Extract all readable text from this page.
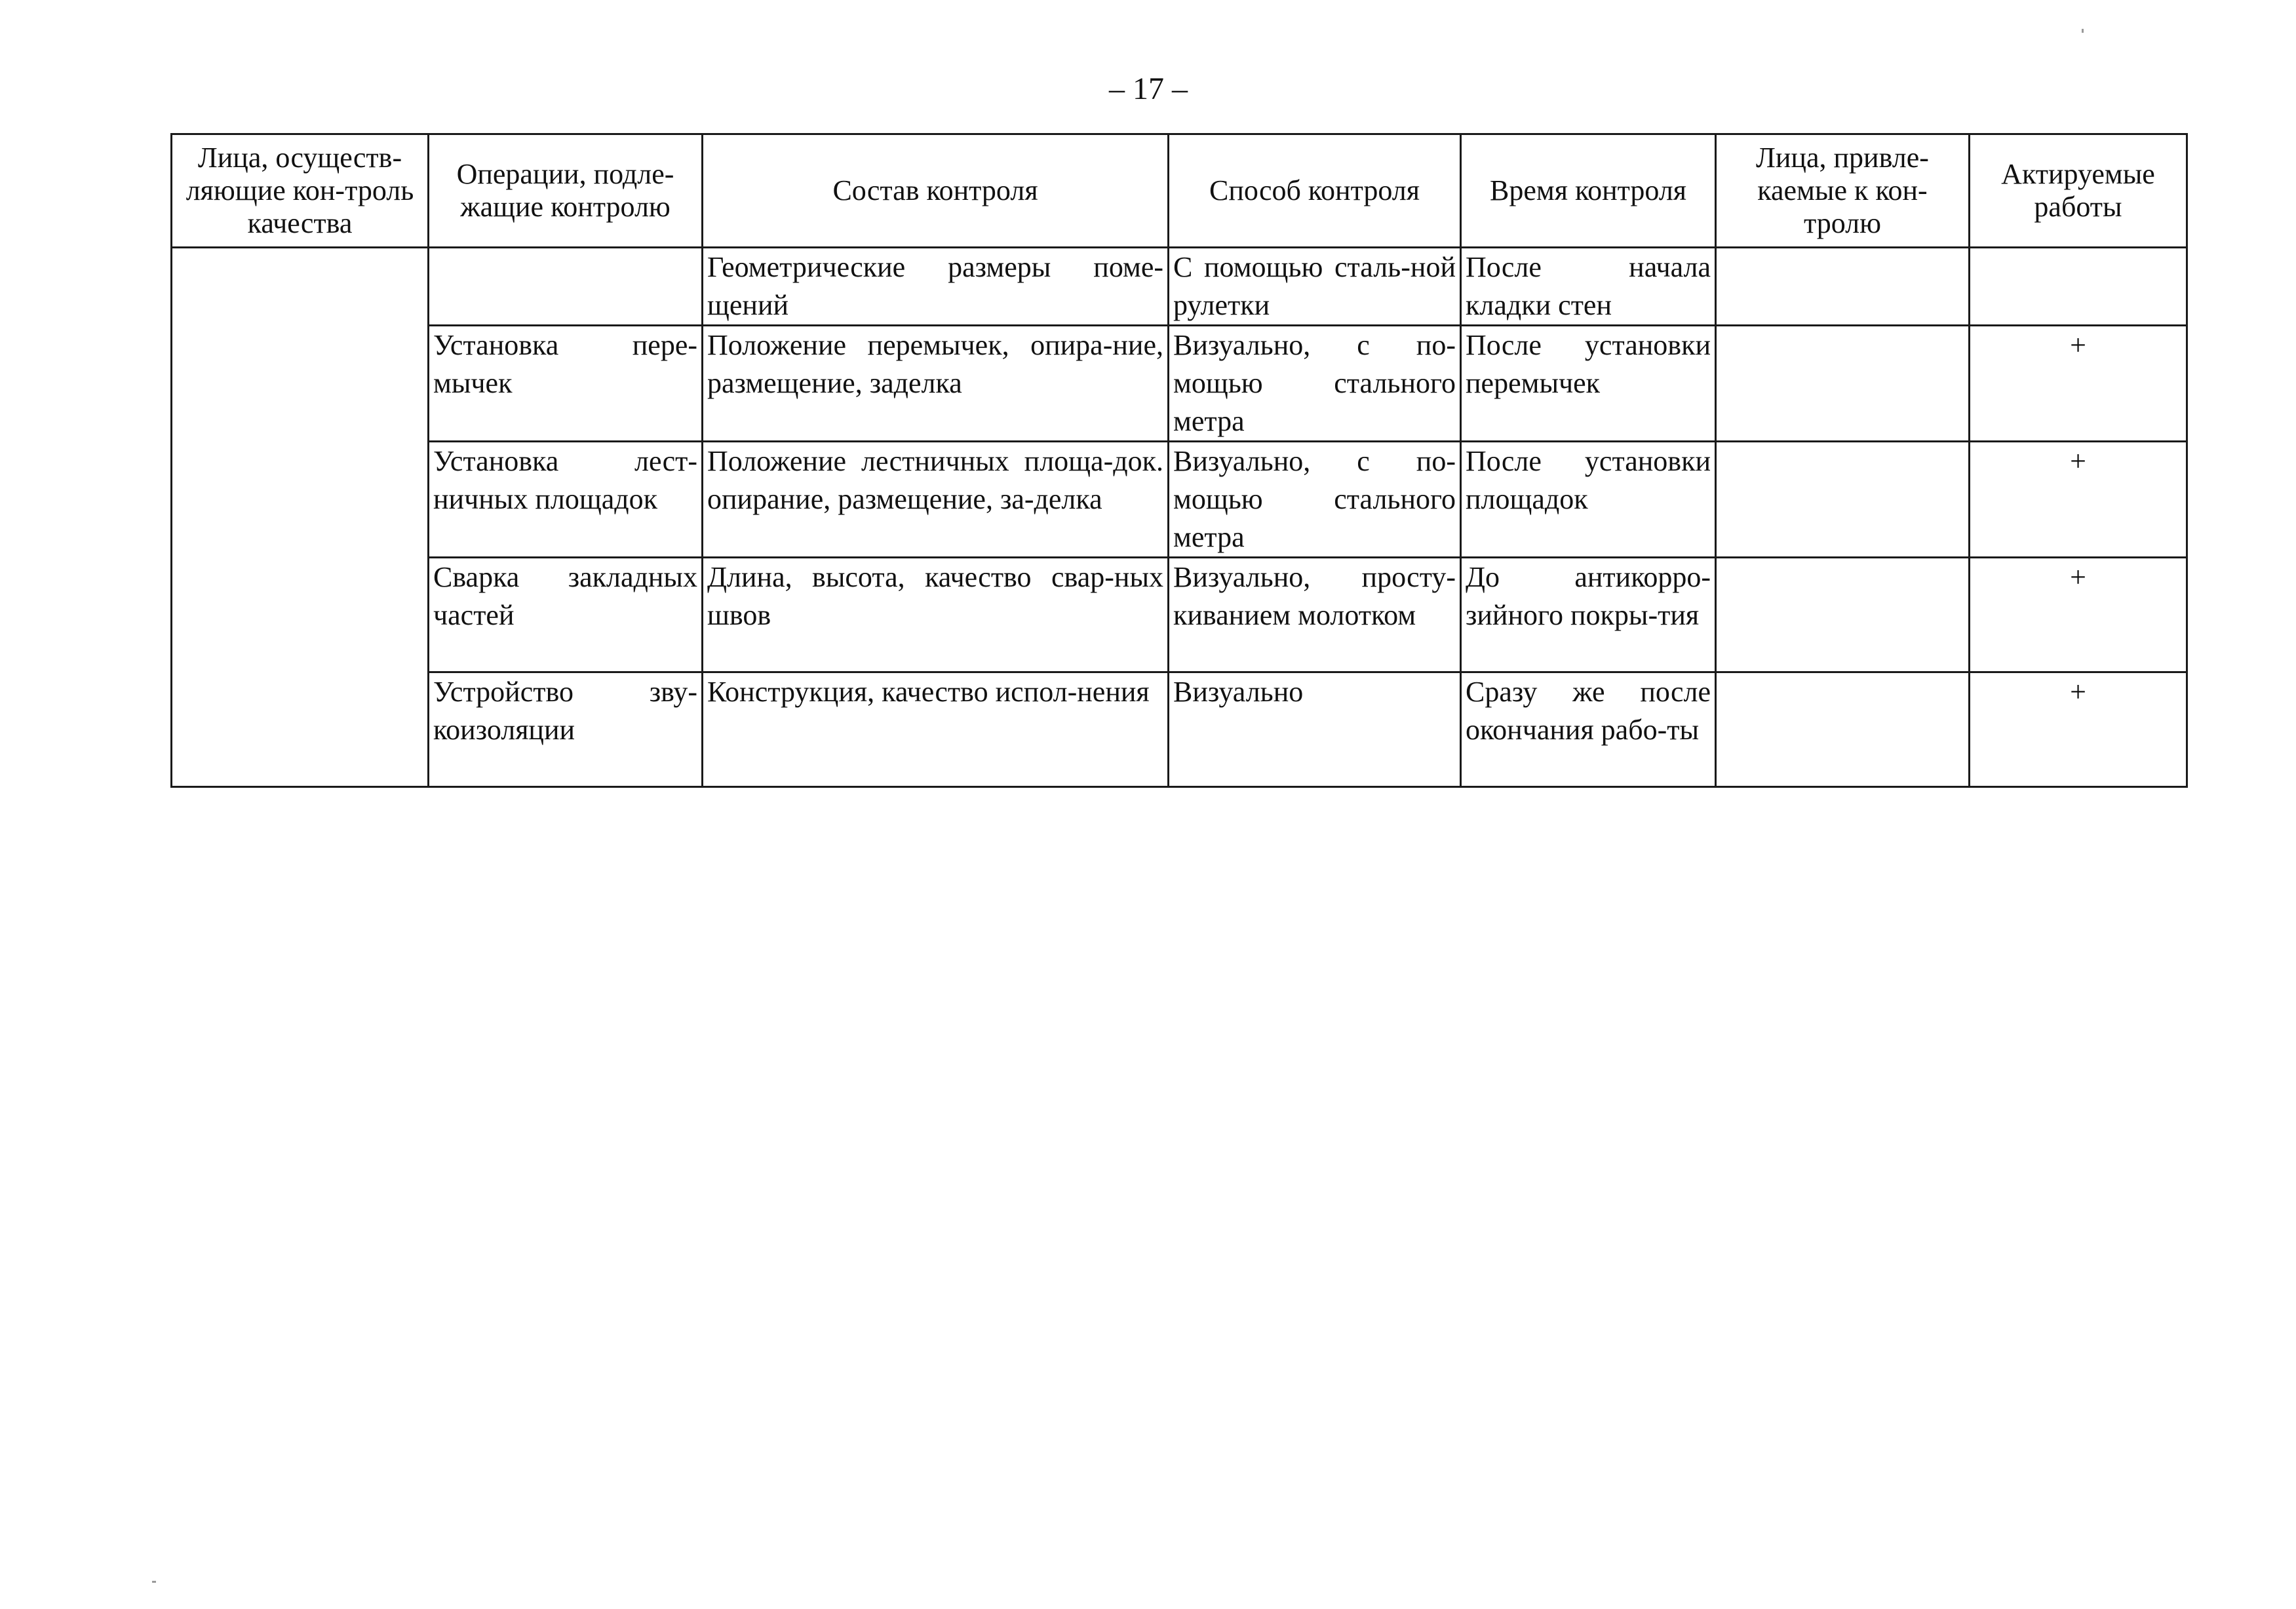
– 17 –
Лица, осуществ-ляющие кон-троль качества	Операции, подле-жащие контролю	Состав контроля	Способ контроля	Время контроля	Лица, привле-каемые к кон-тролю	Актируемые работы
		Геометрические размеры поме-щений	С помощью сталь-ной рулетки	После начала кладки стен		
	Установка пере-мычек	Положение перемычек, опира-ние, размещение, заделка	Визуально, с по-мощью стального метра	После установки перемычек		+
	Установка лест-ничных площадок	Положение лестничных площа-док. опирание, размещение, за-делка	Визуально, с по-мощью стального метра	После установки площадок		+
	Сварка закладных частей	Длина, высота, качество свар-ных швов	Визуально, просту-киванием молотком	До антикорро-зийного покры-тия		+
	Устройство зву-коизоляции	Конструкция, качество испол-нения	Визуально	Сразу же после окончания рабо-ты		+
